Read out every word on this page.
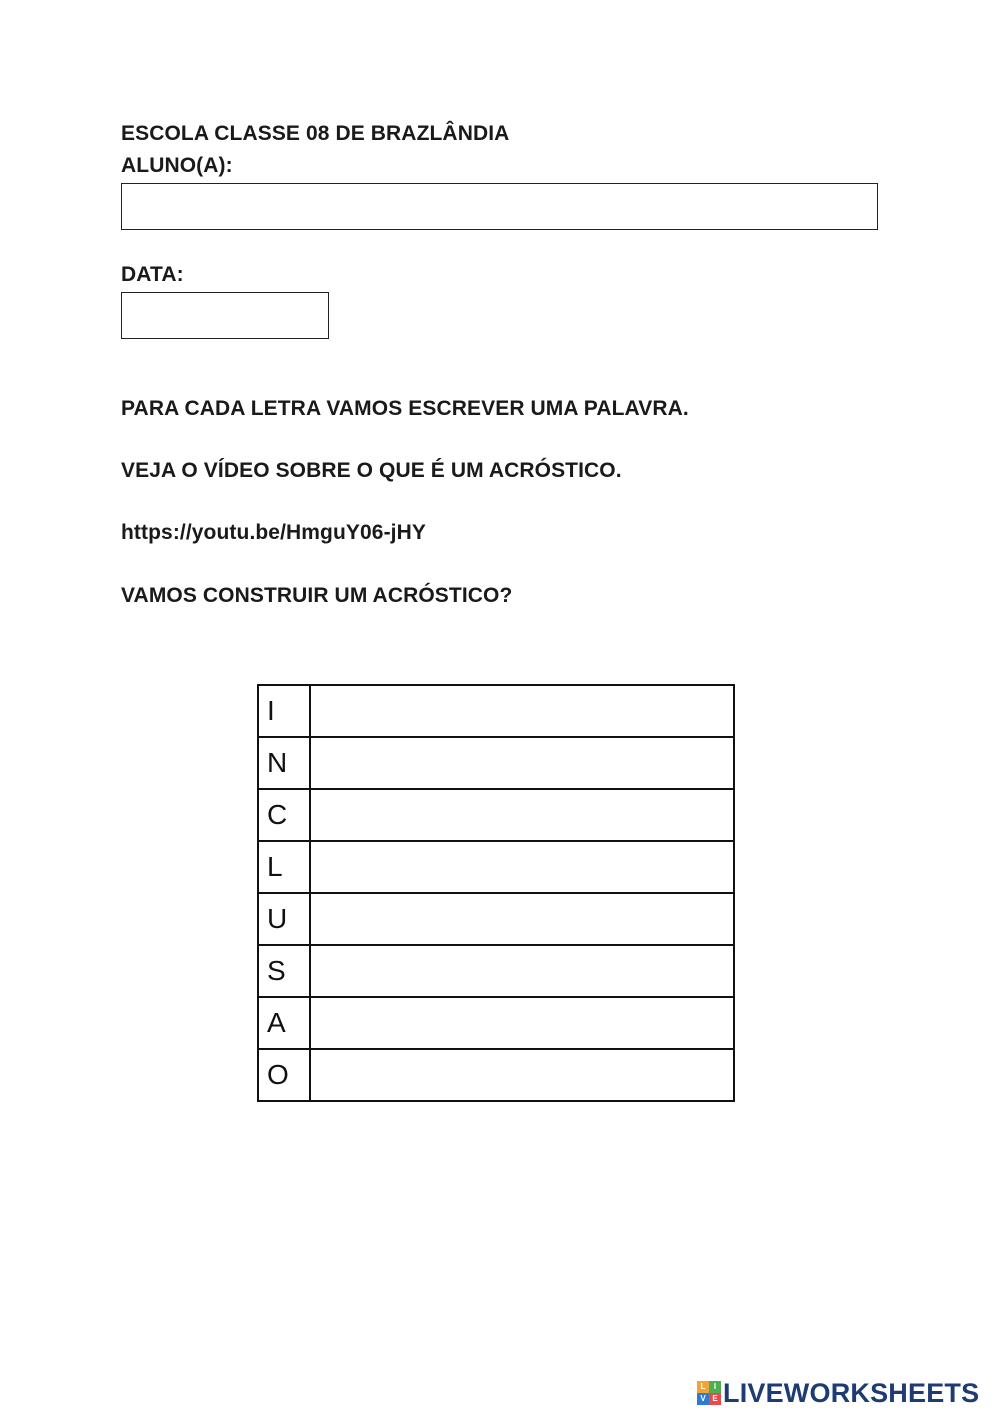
ESCOLA CLASSE 08 DE BRAZLÂNDIA
ALUNO(A):
DATA:
PARA CADA LETRA VAMOS ESCREVER UMA PALAVRA.
VEJA O VÍDEO SOBRE O QUE É UM ACRÓSTICO.
https://youtu.be/HmguY06-jHY
VAMOS CONSTRUIR UM ACRÓSTICO?
I	
N	
C	
L	
U	
S	
A	
O	
L	I
V E LIVEWORKSHEETS
